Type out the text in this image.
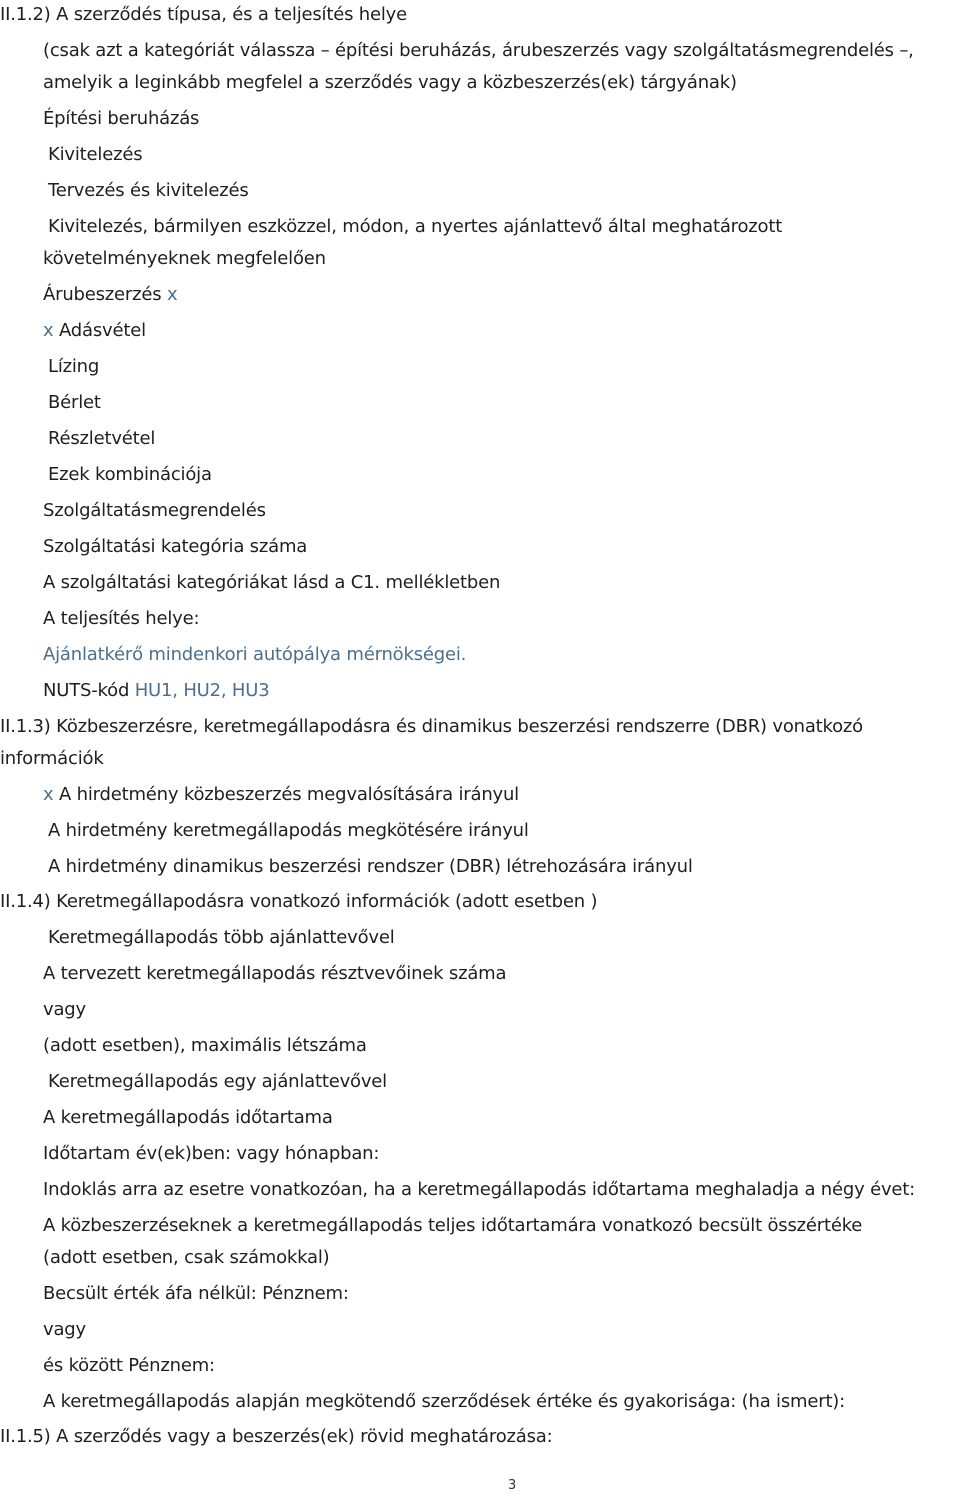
II.1.2) A szerződés típusa, és a teljesítés helye
(csak azt a kategóriát válassza – építési beruházás, árubeszerzés vagy szolgáltatásmegrendelés –,
amelyik a leginkább megfelel a szerződés vagy a közbeszerzés(ek) tárgyának)
Építési beruházás
Kivitelezés
Tervezés és kivitelezés
Kivitelezés, bármilyen eszközzel, módon, a nyertes ajánlattevő által meghatározott
követelményeknek megfelelően
Árubeszerzés x
x Adásvétel
Lízing
Bérlet
Részletvétel
Ezek kombinációja
Szolgáltatásmegrendelés
Szolgáltatási kategória száma
A szolgáltatási kategóriákat lásd a C1. mellékletben
A teljesítés helye:
Ajánlatkérő mindenkori autópálya mérnökségei.
NUTS-kód HU1, HU2, HU3
II.1.3) Közbeszerzésre, keretmegállapodásra és dinamikus beszerzési rendszerre (DBR) vonatkozó
információk
x A hirdetmény közbeszerzés megvalósítására irányul
A hirdetmény keretmegállapodás megkötésére irányul
A hirdetmény dinamikus beszerzési rendszer (DBR) létrehozására irányul
II.1.4) Keretmegállapodásra vonatkozó információk (adott esetben )
Keretmegállapodás több ajánlattevővel
A tervezett keretmegállapodás résztvevőinek száma
vagy
(adott esetben), maximális létszáma
Keretmegállapodás egy ajánlattevővel
A keretmegállapodás időtartama
Időtartam év(ek)ben: vagy hónapban:
Indoklás arra az esetre vonatkozóan, ha a keretmegállapodás időtartama meghaladja a négy évet:
A közbeszerzéseknek a keretmegállapodás teljes időtartamára vonatkozó becsült összértéke
(adott esetben, csak számokkal)
Becsült érték áfa nélkül: Pénznem:
vagy
és között Pénznem:
A keretmegállapodás alapján megkötendő szerződések értéke és gyakorisága: (ha ismert):
II.1.5) A szerződés vagy a beszerzés(ek) rövid meghatározása:
3
